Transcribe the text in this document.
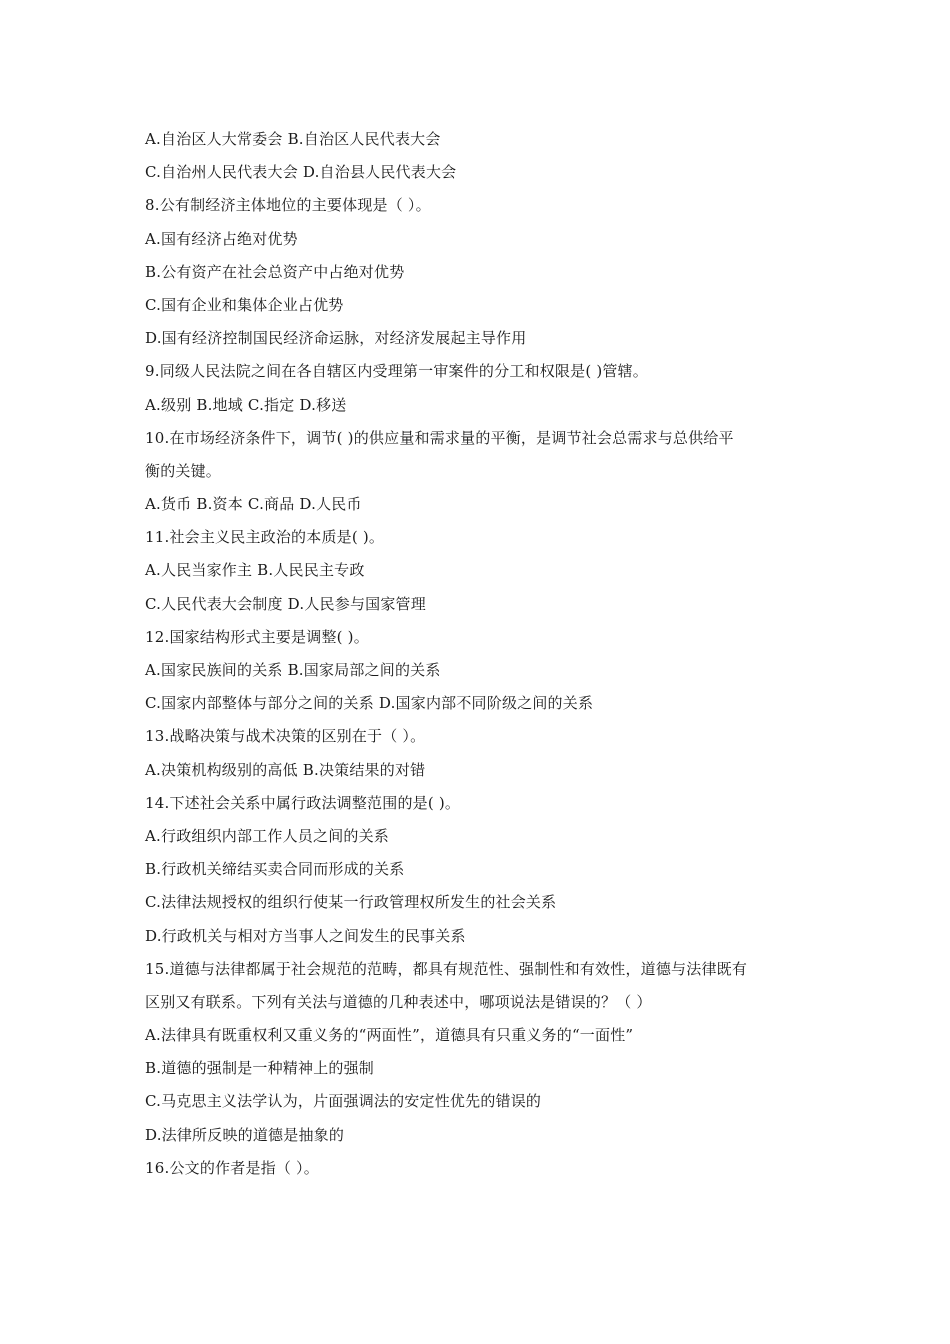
A.自治区人大常委会 B.自治区人民代表大会
C.自治州人民代表大会 D.自治县人民代表大会
8.公有制经济主体地位的主要体现是（ ）。
A.国有经济占绝对优势
B.公有资产在社会总资产中占绝对优势
C.国有企业和集体企业占优势
D.国有经济控制国民经济命运脉，对经济发展起主导作用
9.同级人民法院之间在各自辖区内受理第一审案件的分工和权限是( )管辖。
A.级别 B.地域 C.指定 D.移送
10.在市场经济条件下，调节( )的供应量和需求量的平衡，是调节社会总需求与总供给平
衡的关键。
A.货币 B.资本 C.商品 D.人民币
11.社会主义民主政治的本质是( )。
A.人民当家作主 B.人民民主专政
C.人民代表大会制度 D.人民参与国家管理
12.国家结构形式主要是调整( )。
A.国家民族间的关系 B.国家局部之间的关系
C.国家内部整体与部分之间的关系 D.国家内部不同阶级之间的关系
13.战略决策与战术决策的区别在于（ ）。
A.决策机构级别的高低 B.决策结果的对错
14.下述社会关系中属行政法调整范围的是( )。
A.行政组织内部工作人员之间的关系
B.行政机关缔结买卖合同而形成的关系
C.法律法规授权的组织行使某一行政管理权所发生的社会关系
D.行政机关与相对方当事人之间发生的民事关系
15.道德与法律都属于社会规范的范畴，都具有规范性、强制性和有效性，道德与法律既有
区别又有联系。下列有关法与道德的几种表述中，哪项说法是错误的？（ ）
A.法律具有既重权利又重义务的“两面性”，道德具有只重义务的“一面性”
B.道德的强制是一种精神上的强制
C.马克思主义法学认为，片面强调法的安定性优先的错误的
D.法律所反映的道德是抽象的
16.公文的作者是指（ ）。
